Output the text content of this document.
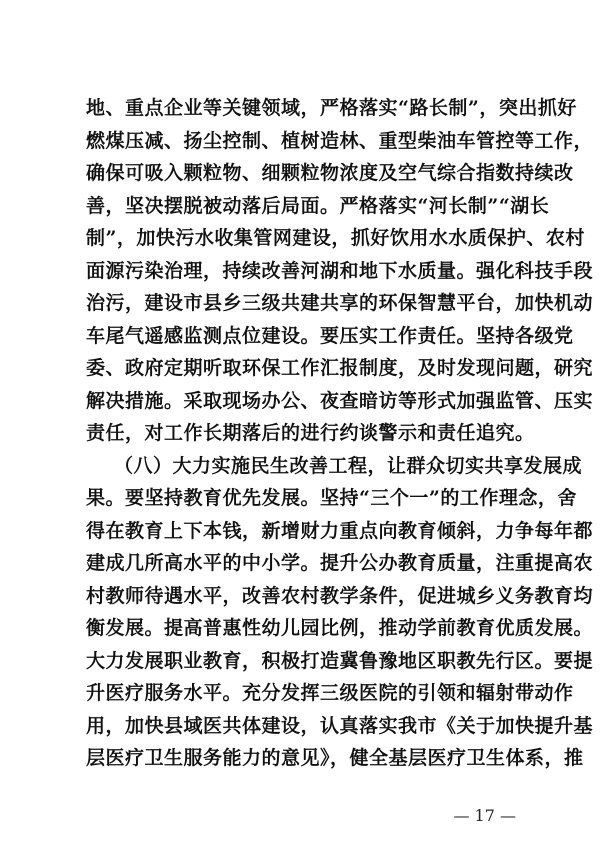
地、重点企业等关键领域，严格落实“路长制”，突出抓好
燃煤压减、扬尘控制、植树造林、重型柴油车管控等工作，
确保可吸入颗粒物、细颗粒物浓度及空气综合指数持续改
善，坚决摆脱被动落后局面。严格落实“河长制”“湖长
制”，加快污水收集管网建设，抓好饮用水水质保护、农村
面源污染治理，持续改善河湖和地下水质量。强化科技手段
治污，建设市县乡三级共建共享的环保智慧平台，加快机动
车尾气遥感监测点位建设。要压实工作责任。坚持各级党
委、政府定期听取环保工作汇报制度，及时发现问题，研究
解决措施。采取现场办公、夜查暗访等形式加强监管、压实
责任，对工作长期落后的进行约谈警示和责任追究。
（八）大力实施民生改善工程，让群众切实共享发展成
果。要坚持教育优先发展。坚持“三个一”的工作理念，舍
得在教育上下本钱，新增财力重点向教育倾斜，力争每年都
建成几所高水平的中小学。提升公办教育质量，注重提高农
村教师待遇水平，改善农村教学条件，促进城乡义务教育均
衡发展。提高普惠性幼儿园比例，推动学前教育优质发展。
大力发展职业教育，积极打造冀鲁豫地区职教先行区。要提
升医疗服务水平。充分发挥三级医院的引领和辐射带动作
用，加快县域医共体建设，认真落实我市《关于加快提升基
层医疗卫生服务能力的意见》，健全基层医疗卫生体系，推
— 17 —
